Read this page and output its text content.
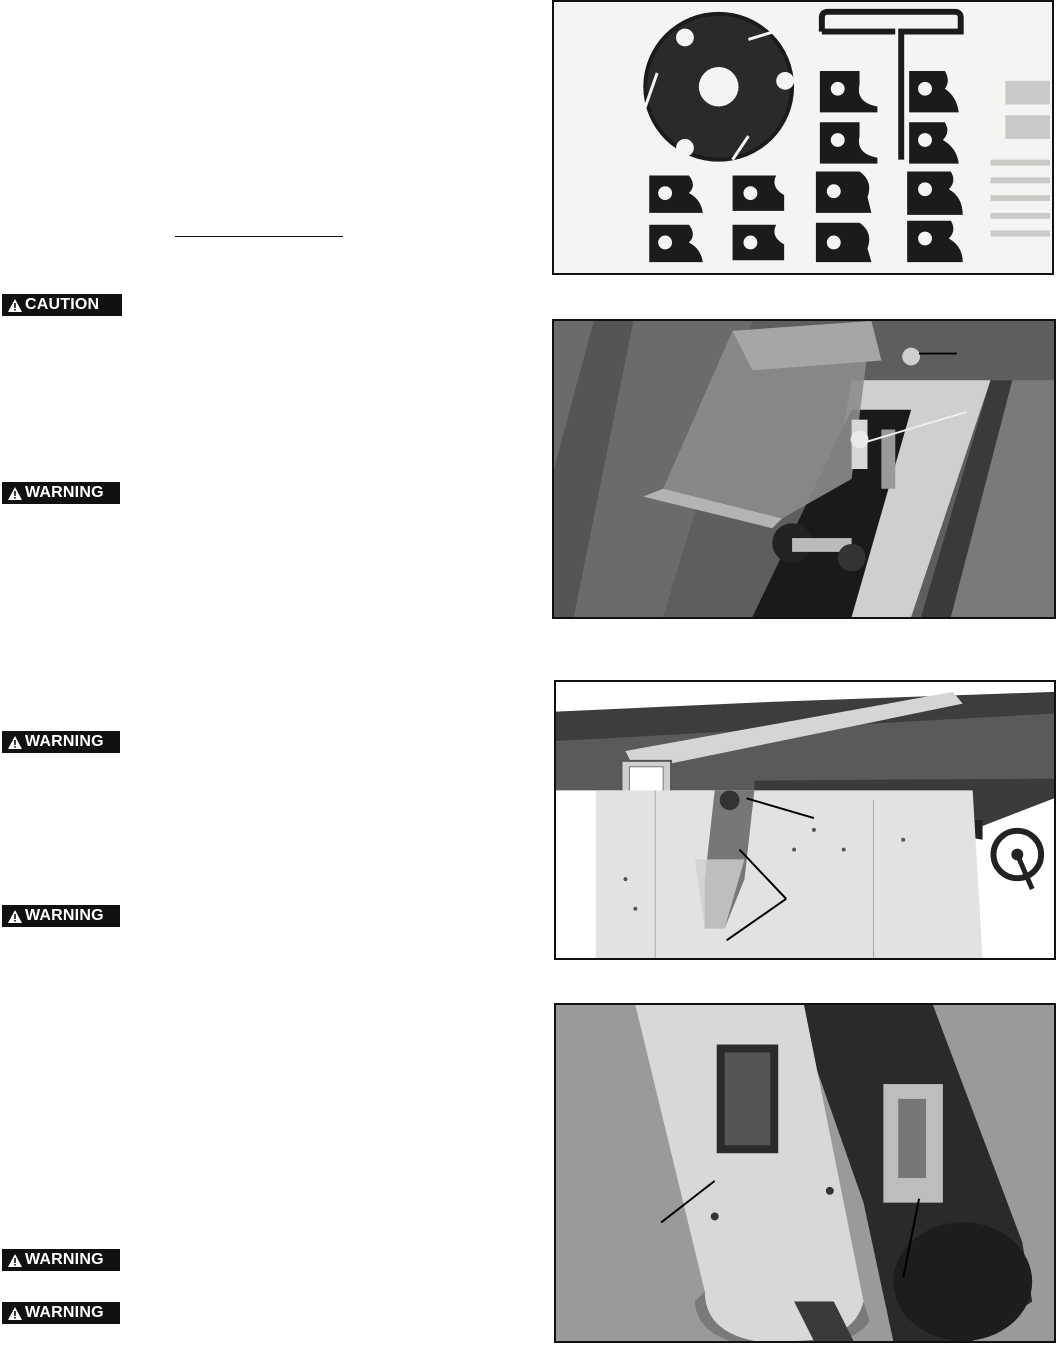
CAUTION
WARNING
WARNING
WARNING
WARNING
WARNING
